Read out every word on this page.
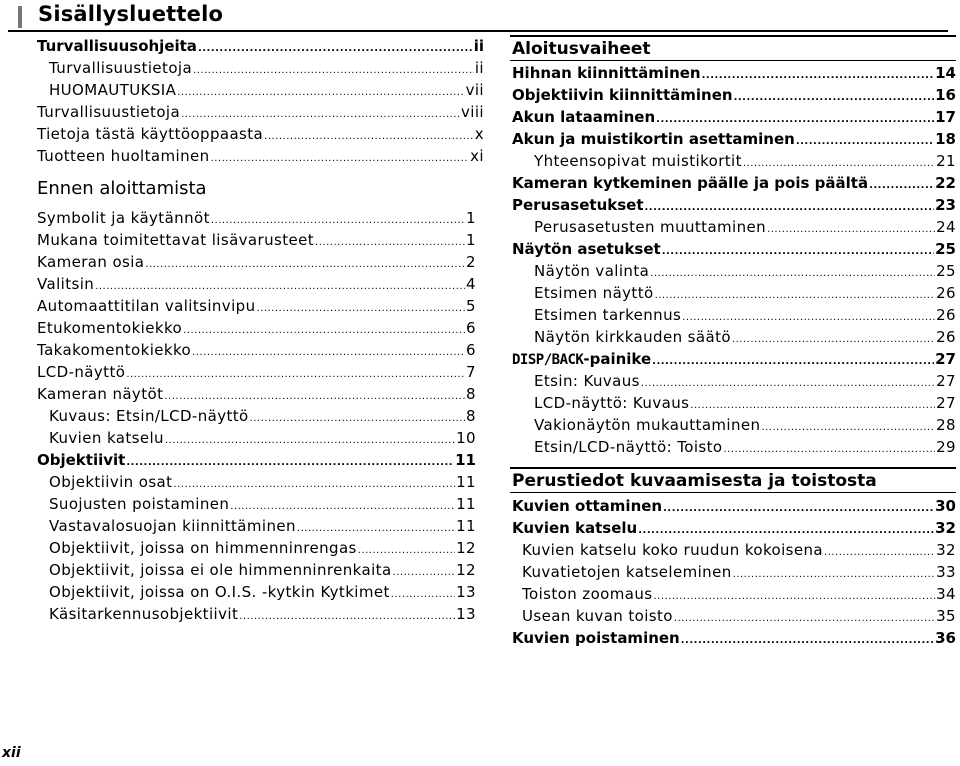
Sisällysluettelo
Turvallisuusohjeita .....	ii
Turvallisuustietoja .....	ii
HUOMAUTUKSIA .....	vii
Turvallisuustietoja .....	viii
Tietoja tästä käyttöoppaasta .....	x
Tuotteen huoltaminen .....	xi
Ennen aloittamista
Symbolit ja käytännöt .....	1
Mukana toimitettavat lisävarusteet .....	1
Kameran osia .....	2
Valitsin .....	4
Automaattitilan valitsinvipu .....	5
Etukomentokiekko .....	6
Takakomentokiekko .....	6
LCD-näyttö .....	7
Kameran näytöt .....	8
Kuvaus: Etsin/LCD-näyttö .....	8
Kuvien katselu .....	10
Objektiivit .....	11
Objektiivin osat .....	11
Suojusten poistaminen .....	11
Vastavalosuojan kiinnittäminen .....	11
Objektiivit, joissa on himmenninrengas .....	12
Objektiivit, joissa ei ole himmenninrenkaita .....	12
Objektiivit, joissa on O.I.S. -kytkin Kytkimet .....	13
Käsitarkennusobjektiivit .....	13
Aloitusvaiheet
Hihnan kiinnittäminen .....	14
Objektiivin kiinnittäminen .....	16
Akun lataaminen .....	17
Akun ja muistikortin asettaminen .....	18
Yhteensopivat muistikortit .....	21
Kameran kytkeminen päälle ja pois päältä .....	22
Perusasetukset .....	23
Perusasetusten muuttaminen .....	24
Näytön asetukset .....	25
Näytön valinta .....	25
Etsimen näyttö .....	26
Etsimen tarkennus .....	26
Näytön kirkkauden säätö .....	26
DISP/BACK -painike .....	27
Etsin: Kuvaus .....	27
LCD-näyttö: Kuvaus .....	27
Vakionäytön mukauttaminen .....	28
Etsin/LCD-näyttö: Toisto .....	29
Perustiedot kuvaamisesta ja toistosta
Kuvien ottaminen .....	30
Kuvien katselu .....	32
Kuvien katselu koko ruudun kokoisena .....	32
Kuvatietojen katseleminen .....	33
Toiston zoomaus .....	34
Usean kuvan toisto .....	35
Kuvien poistaminen .....	36
xii
